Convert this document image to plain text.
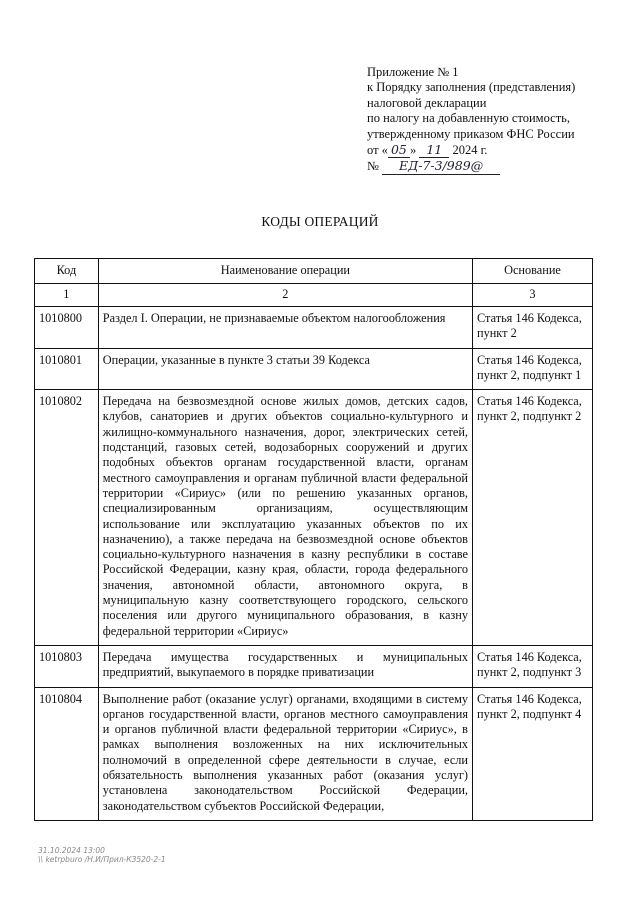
Приложение № 1
к Порядку заполнения (представления)
налоговой декларации
по налогу на добавленную стоимость,
утвержденному приказом ФНС России
от « 05 » 11 2024 г.
№ ЕД-7-3/989@
КОДЫ ОПЕРАЦИЙ
Код	Наименование операции	Основание
1	2	3
1010800	Раздел I. Операции, не признаваемые объектом налогообложения	Статья 146 Кодекса, пункт 2
1010801	Операции, указанные в пункте 3 статьи 39 Кодекса	Статья 146 Кодекса, пункт 2, подпункт 1
1010802	Передача на безвозмездной основе жилых домов, детских садов, клубов, санаториев и других объектов социально-культурного и жилищно-коммунального назначения, дорог, электрических сетей, подстанций, газовых сетей, водозаборных сооружений и других подобных объектов органам государственной власти, органам местного самоуправления и органам публичной власти федеральной территории «Сириус» (или по решению указанных органов, специализированным организациям, осуществляющим использование или эксплуатацию указанных объектов по их назначению), а также передача на безвозмездной основе объектов социально-культурного назначения в казну республики в составе Российской Федерации, казну края, области, города федерального значения, автономной области, автономного округа, в муниципальную казну соответствующего городского, сельского поселения или другого муниципального образования, в казну федеральной территории «Сириус»	Статья 146 Кодекса, пункт 2, подпункт 2
1010803	Передача имущества государственных и муниципальных предприятий, выкупаемого в порядке приватизации	Статья 146 Кодекса, пункт 2, подпункт 3
1010804	Выполнение работ (оказание услуг) органами, входящими в систему органов государственной власти, органов местного самоуправления и органов публичной власти федеральной территории «Сириус», в рамках выполнения возложенных на них исключительных полномочий в определенной сфере деятельности в случае, если обязательность выполнения указанных работ (оказания услуг) установлена законодательством Российской Федерации, законодательством субъектов Российской Федерации,	Статья 146 Кодекса, пункт 2, подпункт 4
31.10.2024 13:00
\\ ketrpburo /Н.И/Прил-КЗ520-2-1
